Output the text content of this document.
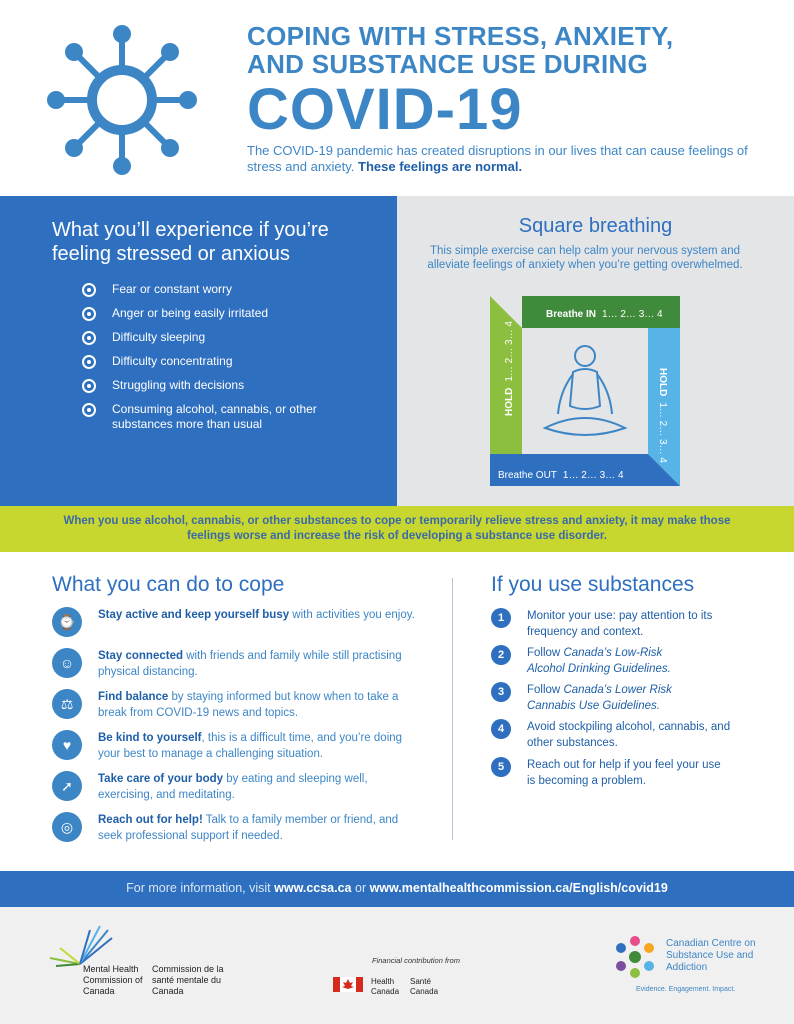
COPING WITH STRESS, ANXIETY,
AND SUBSTANCE USE DURING
COVID-19
The COVID-19 pandemic has created disruptions in our lives that can cause feelings of stress and anxiety. These feelings are normal.
What you’ll experience if you’re feeling stressed or anxious
Fear or constant worry
Anger or being easily irritated
Difficulty sleeping
Difficulty concentrating
Struggling with decisions
Consuming alcohol, cannabis, or other substances more than usual
Square breathing
This simple exercise can help calm your nervous system and alleviate feelings of anxiety when you’re getting overwhelmed.
Breathe IN 1… 2… 3… 4
Breathe OUT 1… 2… 3… 4
HOLD1… 2… 3… 4
HOLD1… 2… 3… 4
When you use alcohol, cannabis, or other substances to cope or temporarily relieve stress and anxiety, it may make those feelings worse and increase the risk of developing a substance use disorder.
What you can do to cope
⌚	Stay active and keep yourself busy with activities you enjoy.
☺	Stay connected with friends and family while still practising physical distancing.
⚖	Find balance by staying informed but know when to take a break from COVID-19 news and topics.
♥	Be kind to yourself, this is a difficult time, and you’re doing your best to manage a challenging situation.
➚	Take care of your body by eating and sleeping well, exercising, and meditating.
◎	Reach out for help! Talk to a family member or friend, and seek professional support if needed.
If you use substances
1	Monitor your use: pay attention to its frequency and context.
2	Follow Canada’s Low-Risk Alcohol Drinking Guidelines.
3	Follow Canada’s Lower Risk Cannabis Use Guidelines.
4	Avoid stockpiling alcohol, cannabis, and other substances.
5	Reach out for help if you feel your use is becoming a problem.
For more information, visit www.ccsa.ca or www.mentalhealthcommission.ca/English/covid19
Mental Health Commission of Canada
Commission de la santé mentale du Canada
Financial contribution from
Health Canada
Santé Canada
Canadian Centre on Substance Use and Addiction
Evidence. Engagement. Impact.
